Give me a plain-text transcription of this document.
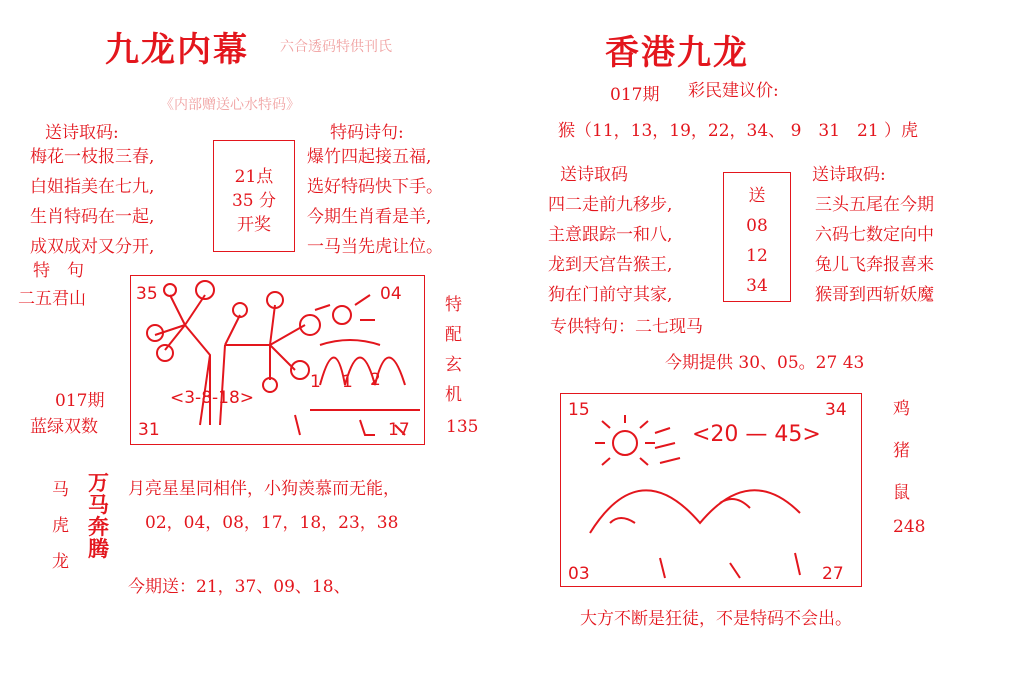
九龙内幕 六合透码特供刊氏
《内部赠送心水特码》
送诗取码:
梅花一枝报三春,
白姐指美在七九,
生肖特码在一起,
成双成对又分开,
21点
35 分
开奖
特码诗句:
爆竹四起接五福,
选好特码快下手。
今期生肖看是羊,
一马当先虎让位。
特　句
二五君山
017期
蓝绿双数
35	04
31	17
<3-8-18>
1 1 2
特
配
玄
机
135
马
虎
龙
万马奔腾
月亮星星同相伴，小狗羡慕而无能，
02，04，08，17，18，23，38
今期送：21，37、09、18、
香港九龙
017期 彩民建议价:
猴（11，13，19，22，34、 9　31　21 ）虎
送诗取码
四二走前九移步,
主意跟踪一和八,
龙到天宫告猴王,
狗在门前守其家,
送
08
12
34
送诗取码:
三头五尾在今期
六码七数定向中
兔儿飞奔报喜来
猴哥到西斩妖魔
专供特句：二七现马
今期提供 30、05。27 43
15	34
03	27
<20 — 45>
鸡
猪
鼠
248
大方不断是狂徒，不是特码不会出。
